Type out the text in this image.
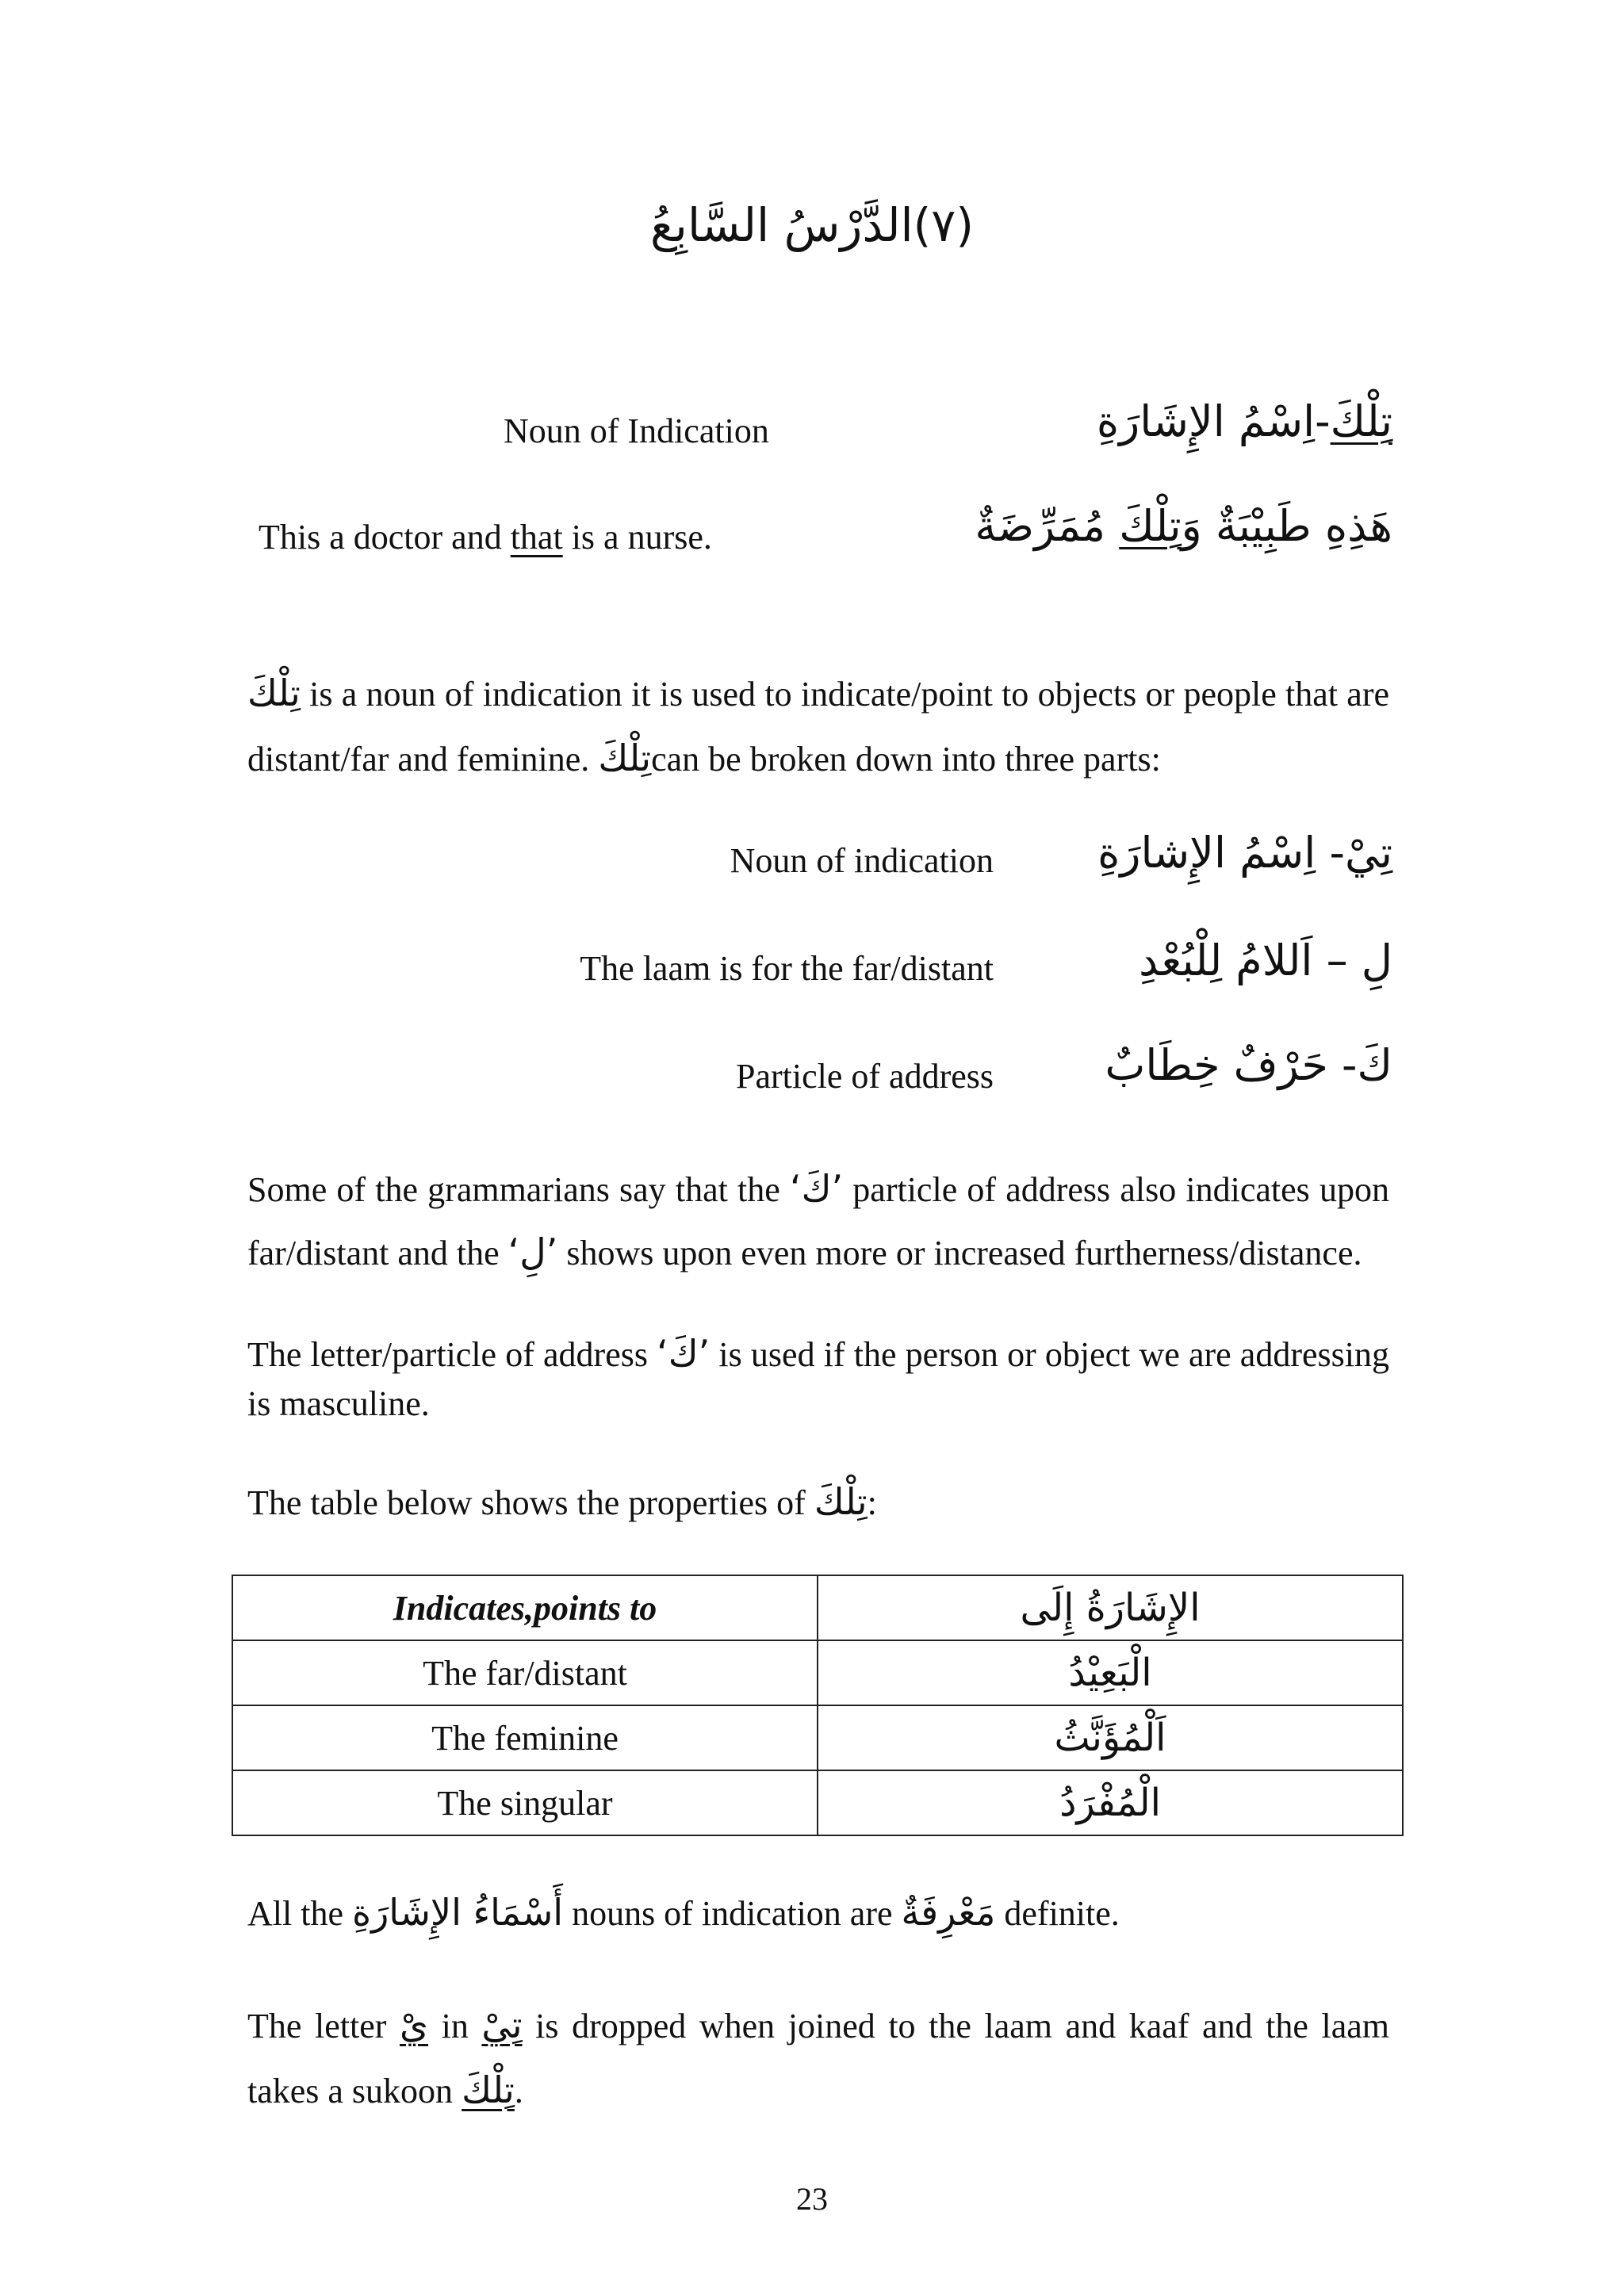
(٧)الدَّرْسُ السَّابِعُ
Noun of Indication	تِلْكَ-اِسْمُ الإِشَارَةِ
This a doctor and that is a nurse.	هَذِهِ طَبِيْبَةٌ وَتِلْكَ مُمَرِّضَةٌ
تِلْكَ is a noun of indication it is used to indicate/point to objects or people that are distant/far and feminine. تِلْكَcan be broken down into three parts:
Noun of indication تِيْ- اِسْمُ الإِشارَةِ
The laam is for the far/distant	لِ – اَللامُ لِلْبُعْدِ
Particle of address	كَ- حَرْفٌ خِطَابٌ
Some of the grammarians say that the ‘كَ’ particle of address also indicates upon far/distant and the ‘لِ’ shows upon even more or increased furtherness/distance.
The letter/particle of address ‘كَ’ is used if the person or object we are addressing is masculine.
The table below shows the properties of تِلْكَ:
Indicates,points to	الإِشَارَةُ إِلَى
The far/distant	الْبَعِيْدُ
The feminine	اَلْمُؤَنَّثُ
The singular	الْمُفْرَدُ
All the أَسْمَاءُ الإِشَارَةِ nouns of indication are مَعْرِفَةٌ definite.
The letter يْ in تِيْ is dropped when joined to the laam and kaaf and the laam takes a sukoon تِلْكَ.
23
